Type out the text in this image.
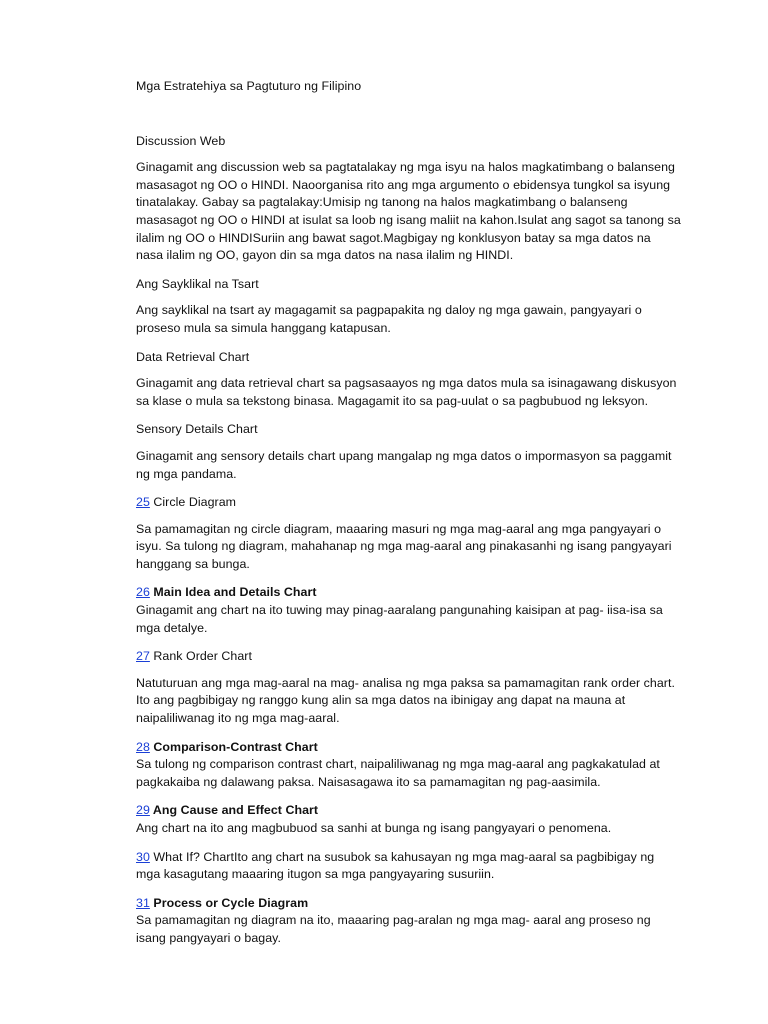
Mga Estratehiya sa Pagtuturo ng Filipino

Discussion Web

Ginagamit ang discussion web sa pagtatalakay ng mga isyu na halos magkatimbang o balanseng masasagot ng OO o HINDI. Naoorganisa rito ang mga argumento o ebidensya tungkol sa isyung tinatalakay. Gabay sa pagtalakay:Umisip ng tanong na halos magkatimbang o balanseng masasagot ng OO o HINDI at isulat sa loob ng isang maliit na kahon.Isulat ang sagot sa tanong sa ilalim ng OO o HINDISuriin ang bawat sagot.Magbigay ng konklusyon batay sa mga datos na nasa ilalim ng OO, gayon din sa mga datos na nasa ilalim ng HINDI.

Ang Sayklikal na Tsart

Ang sayklikal na tsart ay magagamit sa pagpapakita ng daloy ng mga gawain, pangyayari o proseso mula sa simula hanggang katapusan.

Data Retrieval Chart

Ginagamit ang data retrieval chart sa pagsasaayos ng mga datos mula sa isinagawang diskusyon sa klase o mula sa tekstong binasa. Magagamit ito sa pag-uulat o sa pagbubuod ng leksyon.

Sensory Details Chart

Ginagamit ang sensory details chart upang mangalap ng mga datos o impormasyon sa paggamit ng mga pandama.

25 Circle Diagram

Sa pamamagitan ng circle diagram, maaaring masuri ng mga mag-aaral ang mga pangyayari o isyu. Sa tulong ng diagram, mahahanap ng mga mag-aaral ang pinakasanhi ng isang pangyayari hanggang sa bunga.

26 Main Idea and Details Chart

Ginagamit ang chart na ito tuwing may pinag-aaralang pangunahing kaisipan at pag- iisa-isa sa mga detalye.

27 Rank Order Chart

Natuturuan ang mga mag-aaral na mag- analisa ng mga paksa sa pamamagitan rank order chart. Ito ang pagbibigay ng ranggo kung alin sa mga datos na ibinigay ang dapat na mauna at naipaliliwanag ito ng mga mag-aaral.

28 Comparison-Contrast Chart

Sa tulong ng comparison contrast chart, naipaliliwanag ng mga mag-aaral ang pagkakatulad at pagkakaiba ng dalawang paksa. Naisasagawa ito sa pamamagitan ng pag-aasimila.

29 Ang Cause and Effect Chart

Ang chart na ito ang magbubuod sa sanhi at bunga ng isang pangyayari o penomena.

30 What If? ChartIto ang chart na susubok sa kahusayan ng mga mag-aaral sa pagbibigay ng mga kasagutang maaaring itugon sa mga pangyayaring susuriin.

31 Process or Cycle Diagram

Sa pamamagitan ng diagram na ito, maaaring pag-aralan ng mga mag- aaral ang proseso ng isang pangyayari o bagay.
